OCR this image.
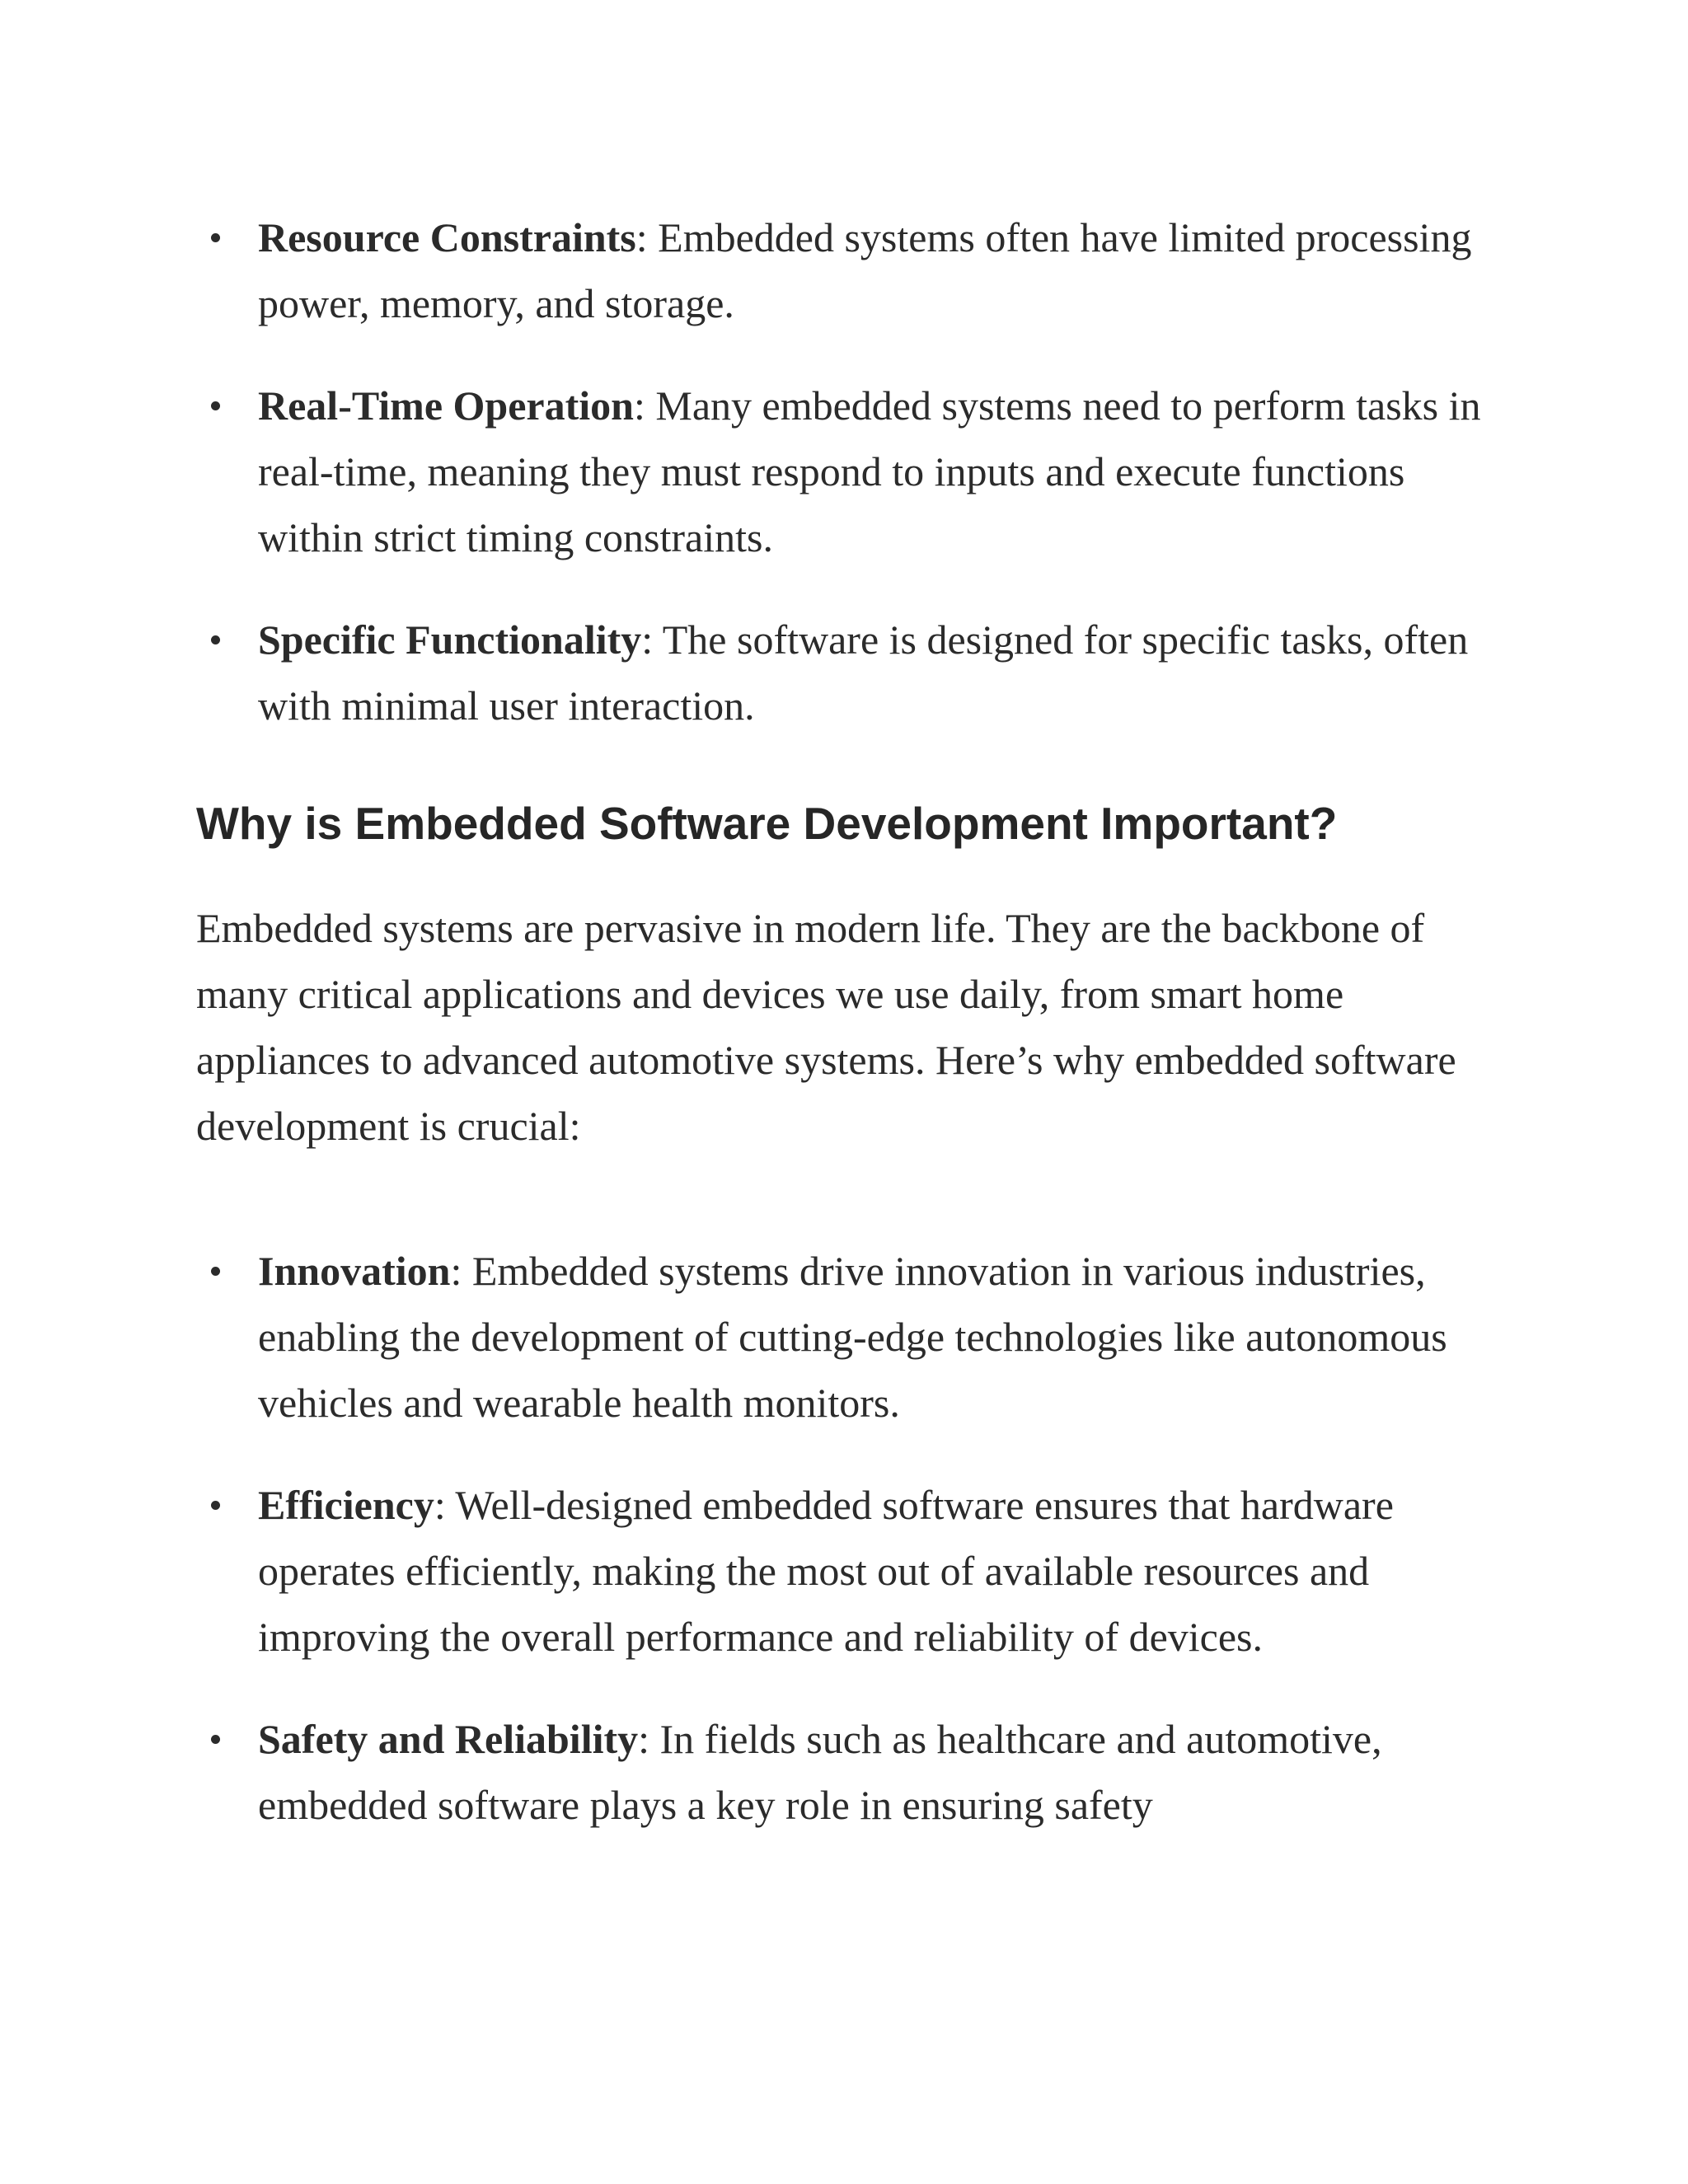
Resource Constraints: Embedded systems often have limited processing power, memory, and storage.
Real-Time Operation: Many embedded systems need to perform tasks in real-time, meaning they must respond to inputs and execute functions within strict timing constraints.
Specific Functionality: The software is designed for specific tasks, often with minimal user interaction.
Why is Embedded Software Development Important?

Embedded systems are pervasive in modern life. They are the backbone of many critical applications and devices we use daily, from smart home appliances to advanced automotive systems. Here’s why embedded software development is crucial:

Innovation: Embedded systems drive innovation in various industries, enabling the development of cutting-edge technologies like autonomous vehicles and wearable health monitors.
Efficiency: Well-designed embedded software ensures that hardware operates efficiently, making the most out of available resources and improving the overall performance and reliability of devices.
Safety and Reliability: In fields such as healthcare and automotive, embedded software plays a key role in ensuring safety
